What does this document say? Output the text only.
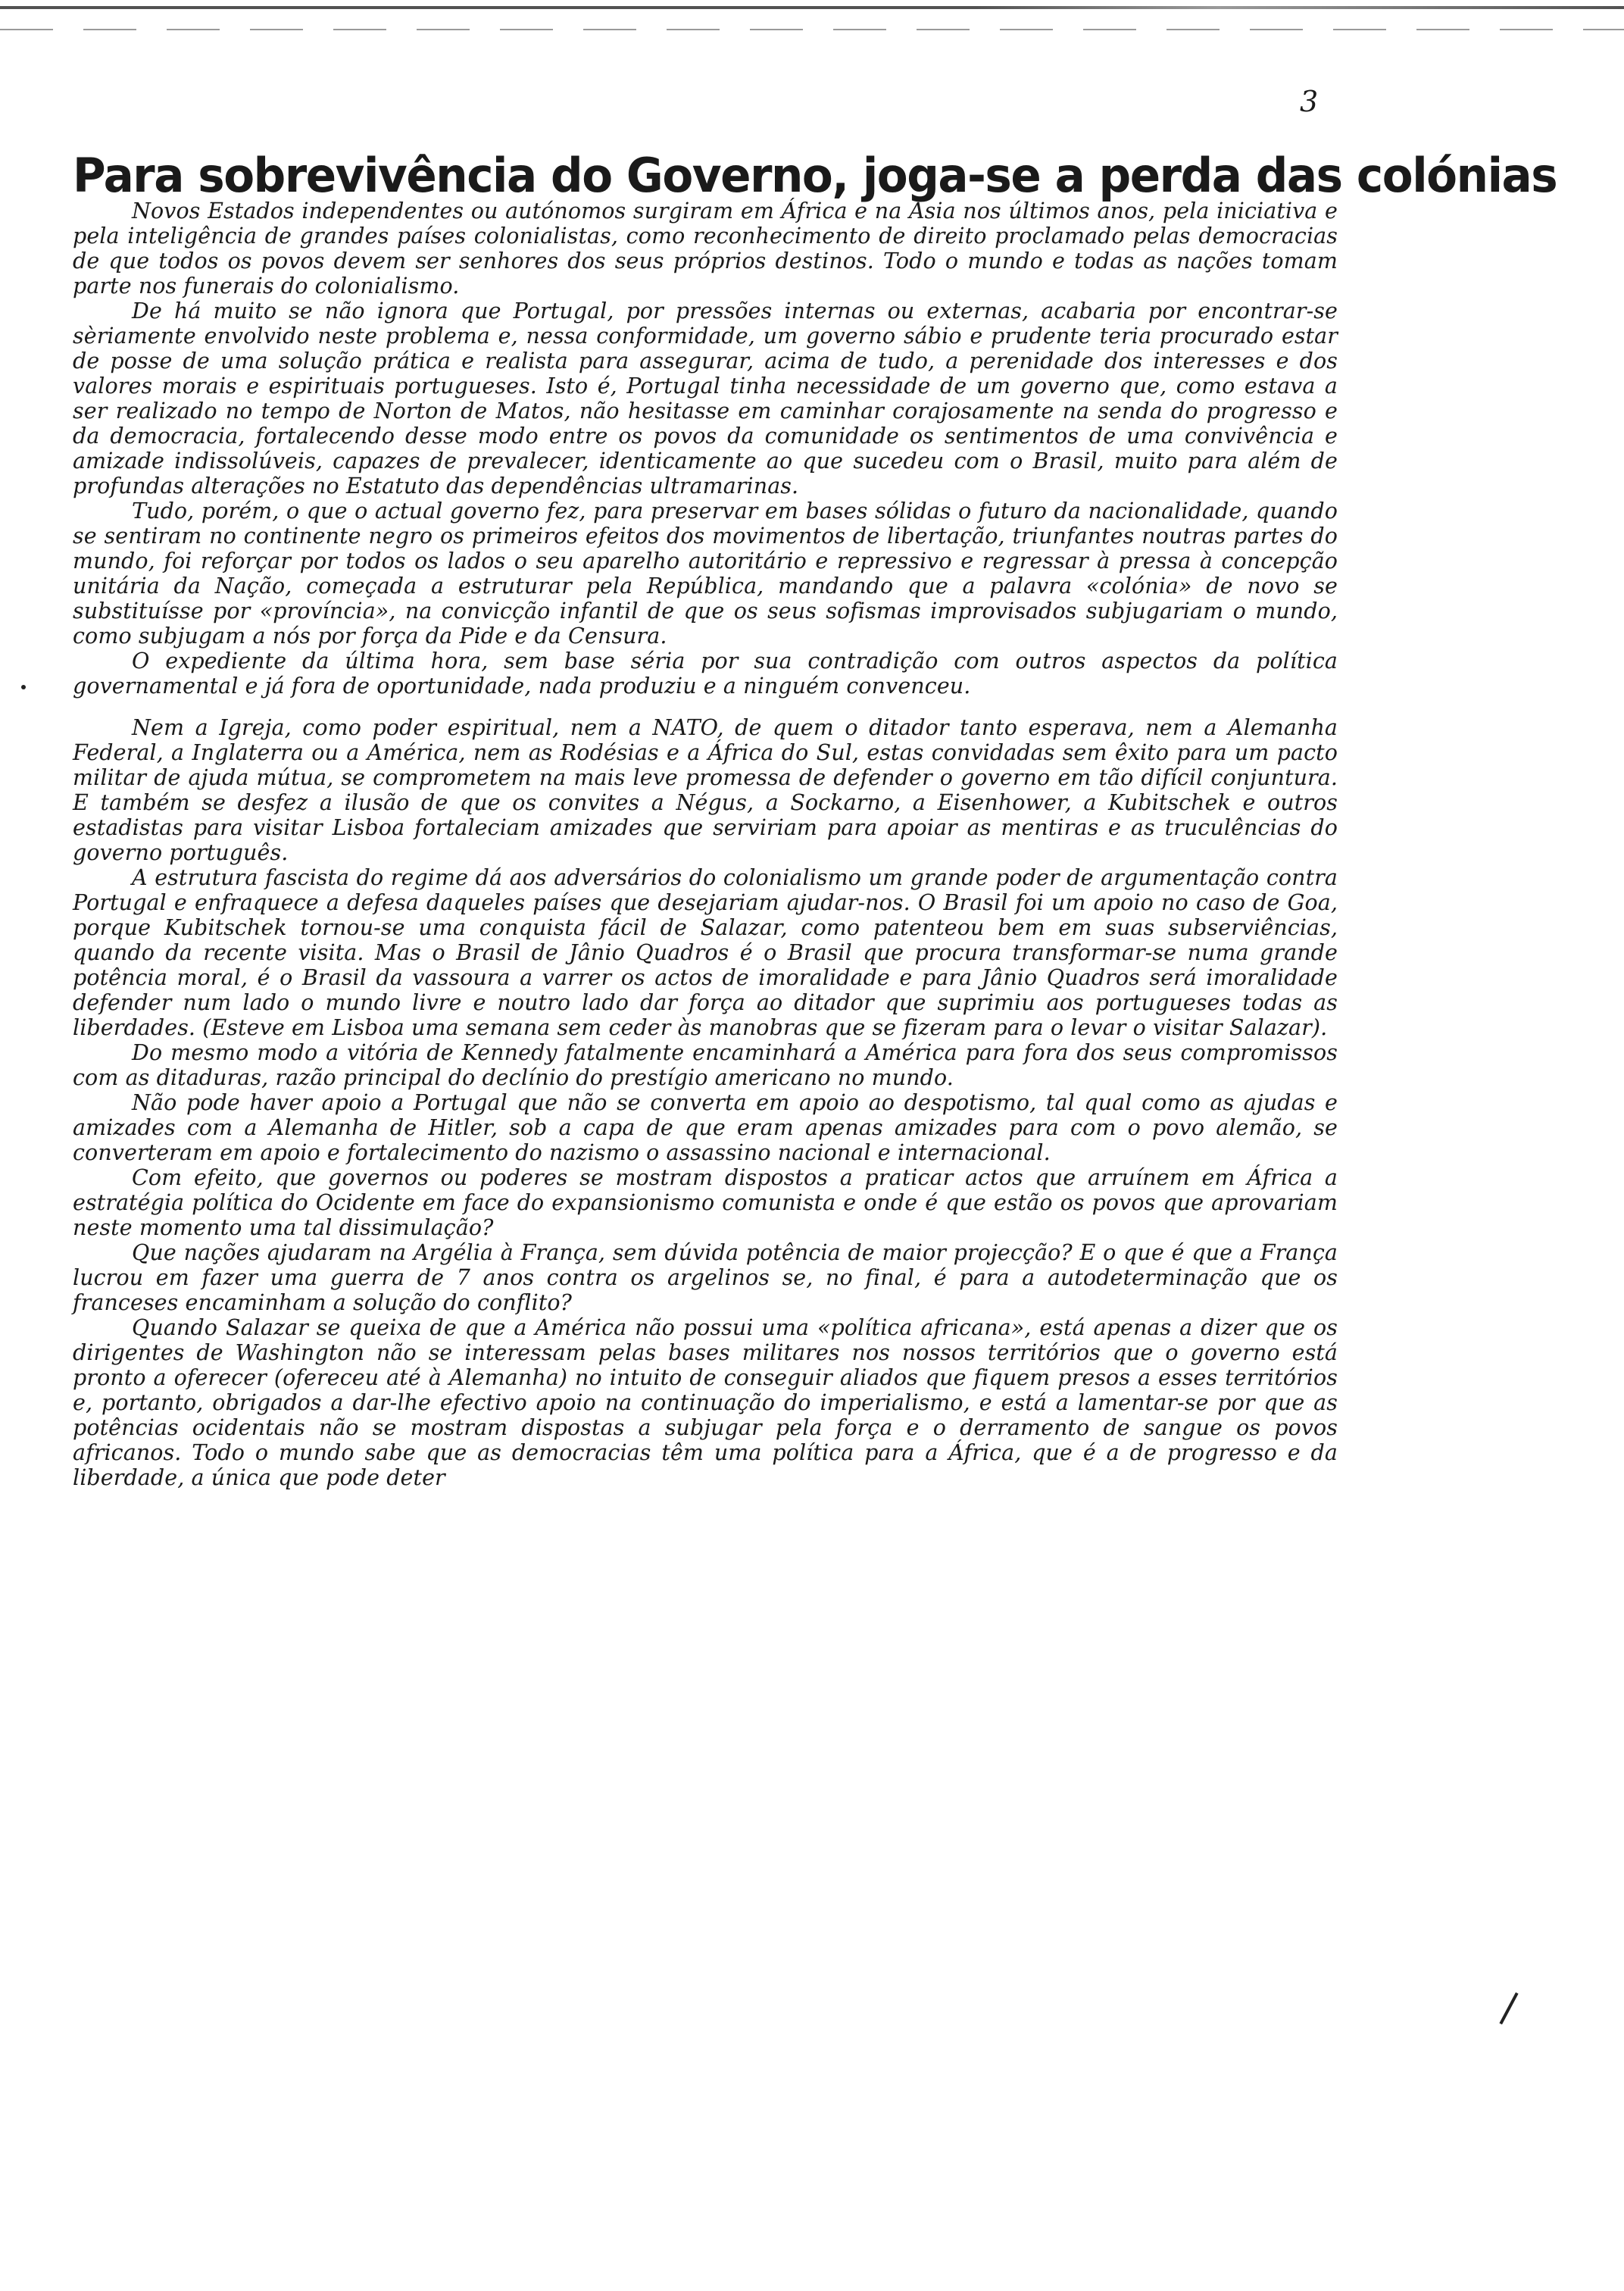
3
Para sobrevivência do Governo, joga-se a perda das colónias

Novos Estados independentes ou autónomos surgiram em África e na Ásia nos últimos anos, pela iniciativa e pela inteligência de grandes países colonialistas, como reconhecimento de direito proclamado pelas democracias de que todos os povos devem ser senhores dos seus próprios destinos. Todo o mundo e todas as nações tomam parte nos funerais do colonialismo.

De há muito se não ignora que Portugal, por pressões internas ou externas, acabaria por encontrar-se sèriamente envolvido neste problema e, nessa conformidade, um governo sábio e prudente teria procurado estar de posse de uma solução prática e realista para assegurar, acima de tudo, a perenidade dos interesses e dos valores morais e espirituais portugueses. Isto é, Portugal tinha necessidade de um governo que, como estava a ser realizado no tempo de Norton de Matos, não hesitasse em caminhar corajosamente na senda do progresso e da democracia, fortalecendo desse modo entre os povos da comunidade os sentimentos de uma convivência e amizade indissolúveis, capazes de prevalecer, identicamente ao que sucedeu com o Brasil, muito para além de profundas alterações no Estatuto das dependências ultramarinas.

Tudo, porém, o que o actual governo fez, para preservar em bases sólidas o futuro da nacionalidade, quando se sentiram no continente negro os primeiros efeitos dos movimentos de libertação, triunfantes noutras partes do mundo, foi reforçar por todos os lados o seu aparelho autoritário e repressivo e regressar à pressa à concepção unitária da Nação, começada a estruturar pela República, mandando que a palavra «colónia» de novo se substituísse por «província», na convicção infantil de que os seus sofismas improvisados subjugariam o mundo, como subjugam a nós por força da Pide e da Censura.

O expediente da última hora, sem base séria por sua contradição com outros aspectos da política governamental e já fora de oportunidade, nada produziu e a ninguém convenceu.

Nem a Igreja, como poder espiritual, nem a NATO, de quem o ditador tanto esperava, nem a Alemanha Federal, a Inglaterra ou a América, nem as Rodésias e a África do Sul, estas convidadas sem êxito para um pacto militar de ajuda mútua, se comprometem na mais leve promessa de defender o governo em tão difícil conjuntura. E também se desfez a ilusão de que os convites a Négus, a Sockarno, a Eisenhower, a Kubitschek e outros estadistas para visitar Lisboa fortaleciam amizades que serviriam para apoiar as mentiras e as truculências do governo português.

A estrutura fascista do regime dá aos adversários do colonialismo um grande poder de argumentação contra Portugal e enfraquece a defesa daqueles países que desejariam ajudar-nos. O Brasil foi um apoio no caso de Goa, porque Kubitschek tornou-se uma conquista fácil de Salazar, como patenteou bem em suas subserviências, quando da recente visita. Mas o Brasil de Jânio Quadros é o Brasil que procura transformar-se numa grande potência moral, é o Brasil da vassoura a varrer os actos de imoralidade e para Jânio Quadros será imoralidade defender num lado o mundo livre e noutro lado dar força ao ditador que suprimiu aos portugueses todas as liberdades. (Esteve em Lisboa uma semana sem ceder às manobras que se fizeram para o levar o visitar Salazar).

Do mesmo modo a vitória de Kennedy fatalmente encaminhará a América para fora dos seus compromissos com as ditaduras, razão principal do declínio do prestígio americano no mundo.

Não pode haver apoio a Portugal que não se converta em apoio ao despotismo, tal qual como as ajudas e amizades com a Alemanha de Hitler, sob a capa de que eram apenas amizades para com o povo alemão, se converteram em apoio e fortalecimento do nazismo o assassino nacional e internacional.

Com efeito, que governos ou poderes se mostram dispostos a praticar actos que arruínem em África a estratégia política do Ocidente em face do expansionismo comunista e onde é que estão os povos que aprovariam neste momento uma tal dissimulação?

Que nações ajudaram na Argélia à França, sem dúvida potência de maior projecção? E o que é que a França lucrou em fazer uma guerra de 7 anos contra os argelinos se, no final, é para a autodeterminação que os franceses encaminham a solução do conflito?

Quando Salazar se queixa de que a América não possui uma «política africana», está apenas a dizer que os dirigentes de Washington não se interessam pelas bases militares nos nossos territórios que o governo está pronto a oferecer (ofereceu até à Alemanha) no intuito de conseguir aliados que fiquem presos a esses territórios e, portanto, obrigados a dar-lhe efectivo apoio na continuação do imperialismo, e está a lamentar-se por que as potências ocidentais não se mostram dispostas a subjugar pela força e o derramento de sangue os povos africanos. Todo o mundo sabe que as democracias têm uma política para a África, que é a de progresso e da liberdade, a única que pode deter
